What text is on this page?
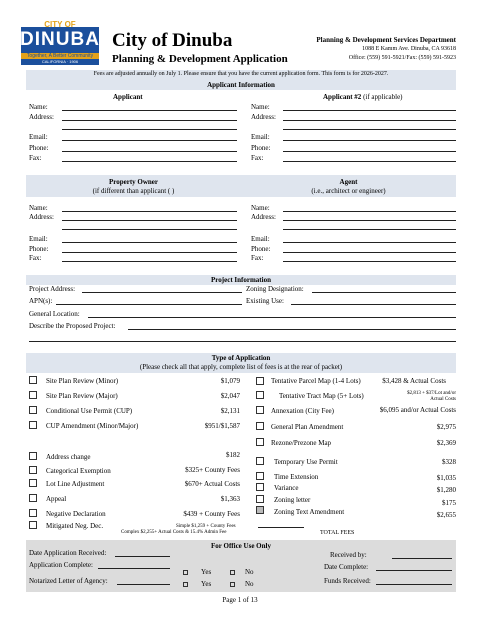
CITY OF
DINUBA
Together, A Better Community
CALIFORNIA · 1906
City of Dinuba
Planning & Development Application
Planning & Development Services Department
1088 E Kamm Ave. Dinuba, CA 93618
Office: (559) 591-5921/Fax: (559) 591-5923
Fees are adjusted annually on July 1. Please ensure that you have the current application form. This form is for 2026-2027.
Applicant Information
Applicant	Applicant #2 (if applicable)
Name:
Address:
Email:
Phone:
Fax:
Name:
Address:
Email:
Phone:
Fax:
Property Owner
(if different than applicant ( )
Agent
(i.e., architect or engineer)
Name:
Address:
Email:
Phone:
Fax:
Name:
Address:
Email:
Phone:
Fax:
Project Information
Project Address:	Zoning Designation:
APN(s):	Existing Use:
General Location:
Describe the Proposed Project:
Type of Application
(Please check all that apply, complete list of fees is at the rear of packet)
Site Plan Review (Minor)	$1,079
Site Plan Review (Major)	$2,047
Conditional Use Permit (CUP)	$2,131
CUP Amendment (Minor/Major)	$951/$1,587
Address change	$182
Categorical Exemption	$325+ County Fees
Lot Line Adjustment	$670+ Actual Costs
Appeal	$1,363
Negative Declaration	$439 + County Fees
Mitigated Neg. Dec.	Simple $1,259 + County Fees
Complex $2,255+ Actual Costs & 15.4% Admin Fee
Tentative Parcel Map (1-4 Lots)	$3,428 & Actual Costs
Tentative Tract Map (5+ Lots)	$2,813 + $37/Lot and/or
Actual Costs
Annexation (City Fee)	$6,095 and/or Actual Costs
General Plan Amendment	$2,975
Rezone/Prezone Map	$2,369
Temporary Use Permit	$328
Time Extension	$1,035
Variance	$1,280
Zoning letter	$175
Zoning Text Amendment	$2,655
TOTAL FEES
For Office Use Only
Date Application Received:	Received by:
Application Complete:	Date Complete:
Yes	No
Notarized Letter of Agency:	Yes	No	Funds Received:
Page 1 of 13
